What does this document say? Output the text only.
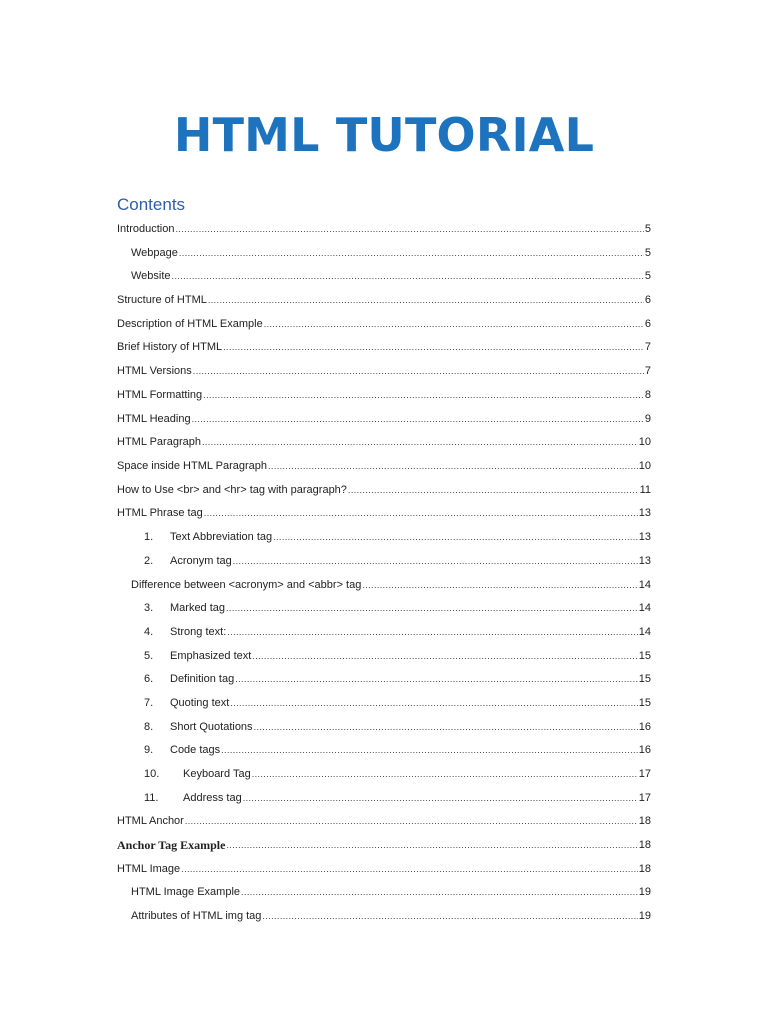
HTML TUTORIAL
Contents
Introduction .....	5
Webpage .....	5
Website .....	5
Structure of HTML .....	6
Description of HTML Example .....	6
Brief History of HTML .....	7
HTML Versions .....	7
HTML Formatting .....	8
HTML Heading .....	9
HTML Paragraph .....	10
Space inside HTML Paragraph .....	10
How to Use <br> and <hr> tag with paragraph? .....	11
HTML Phrase tag .....	13
1.	Text Abbreviation tag .....	13
2.	Acronym tag .....	13
Difference between <acronym> and <abbr> tag .....	14
3.	Marked tag .....	14
4.	Strong text: .....	14
5.	Emphasized text .....	15
6.	Definition tag .....	15
7.	Quoting text .....	15
8.	Short Quotations .....	16
9.	Code tags .....	16
10.	Keyboard Tag .....	17
11.	Address tag .....	17
HTML Anchor .....	18
Anchor Tag Example .....	18
HTML Image .....	18
HTML Image Example .....	19
Attributes of HTML img tag .....	19
